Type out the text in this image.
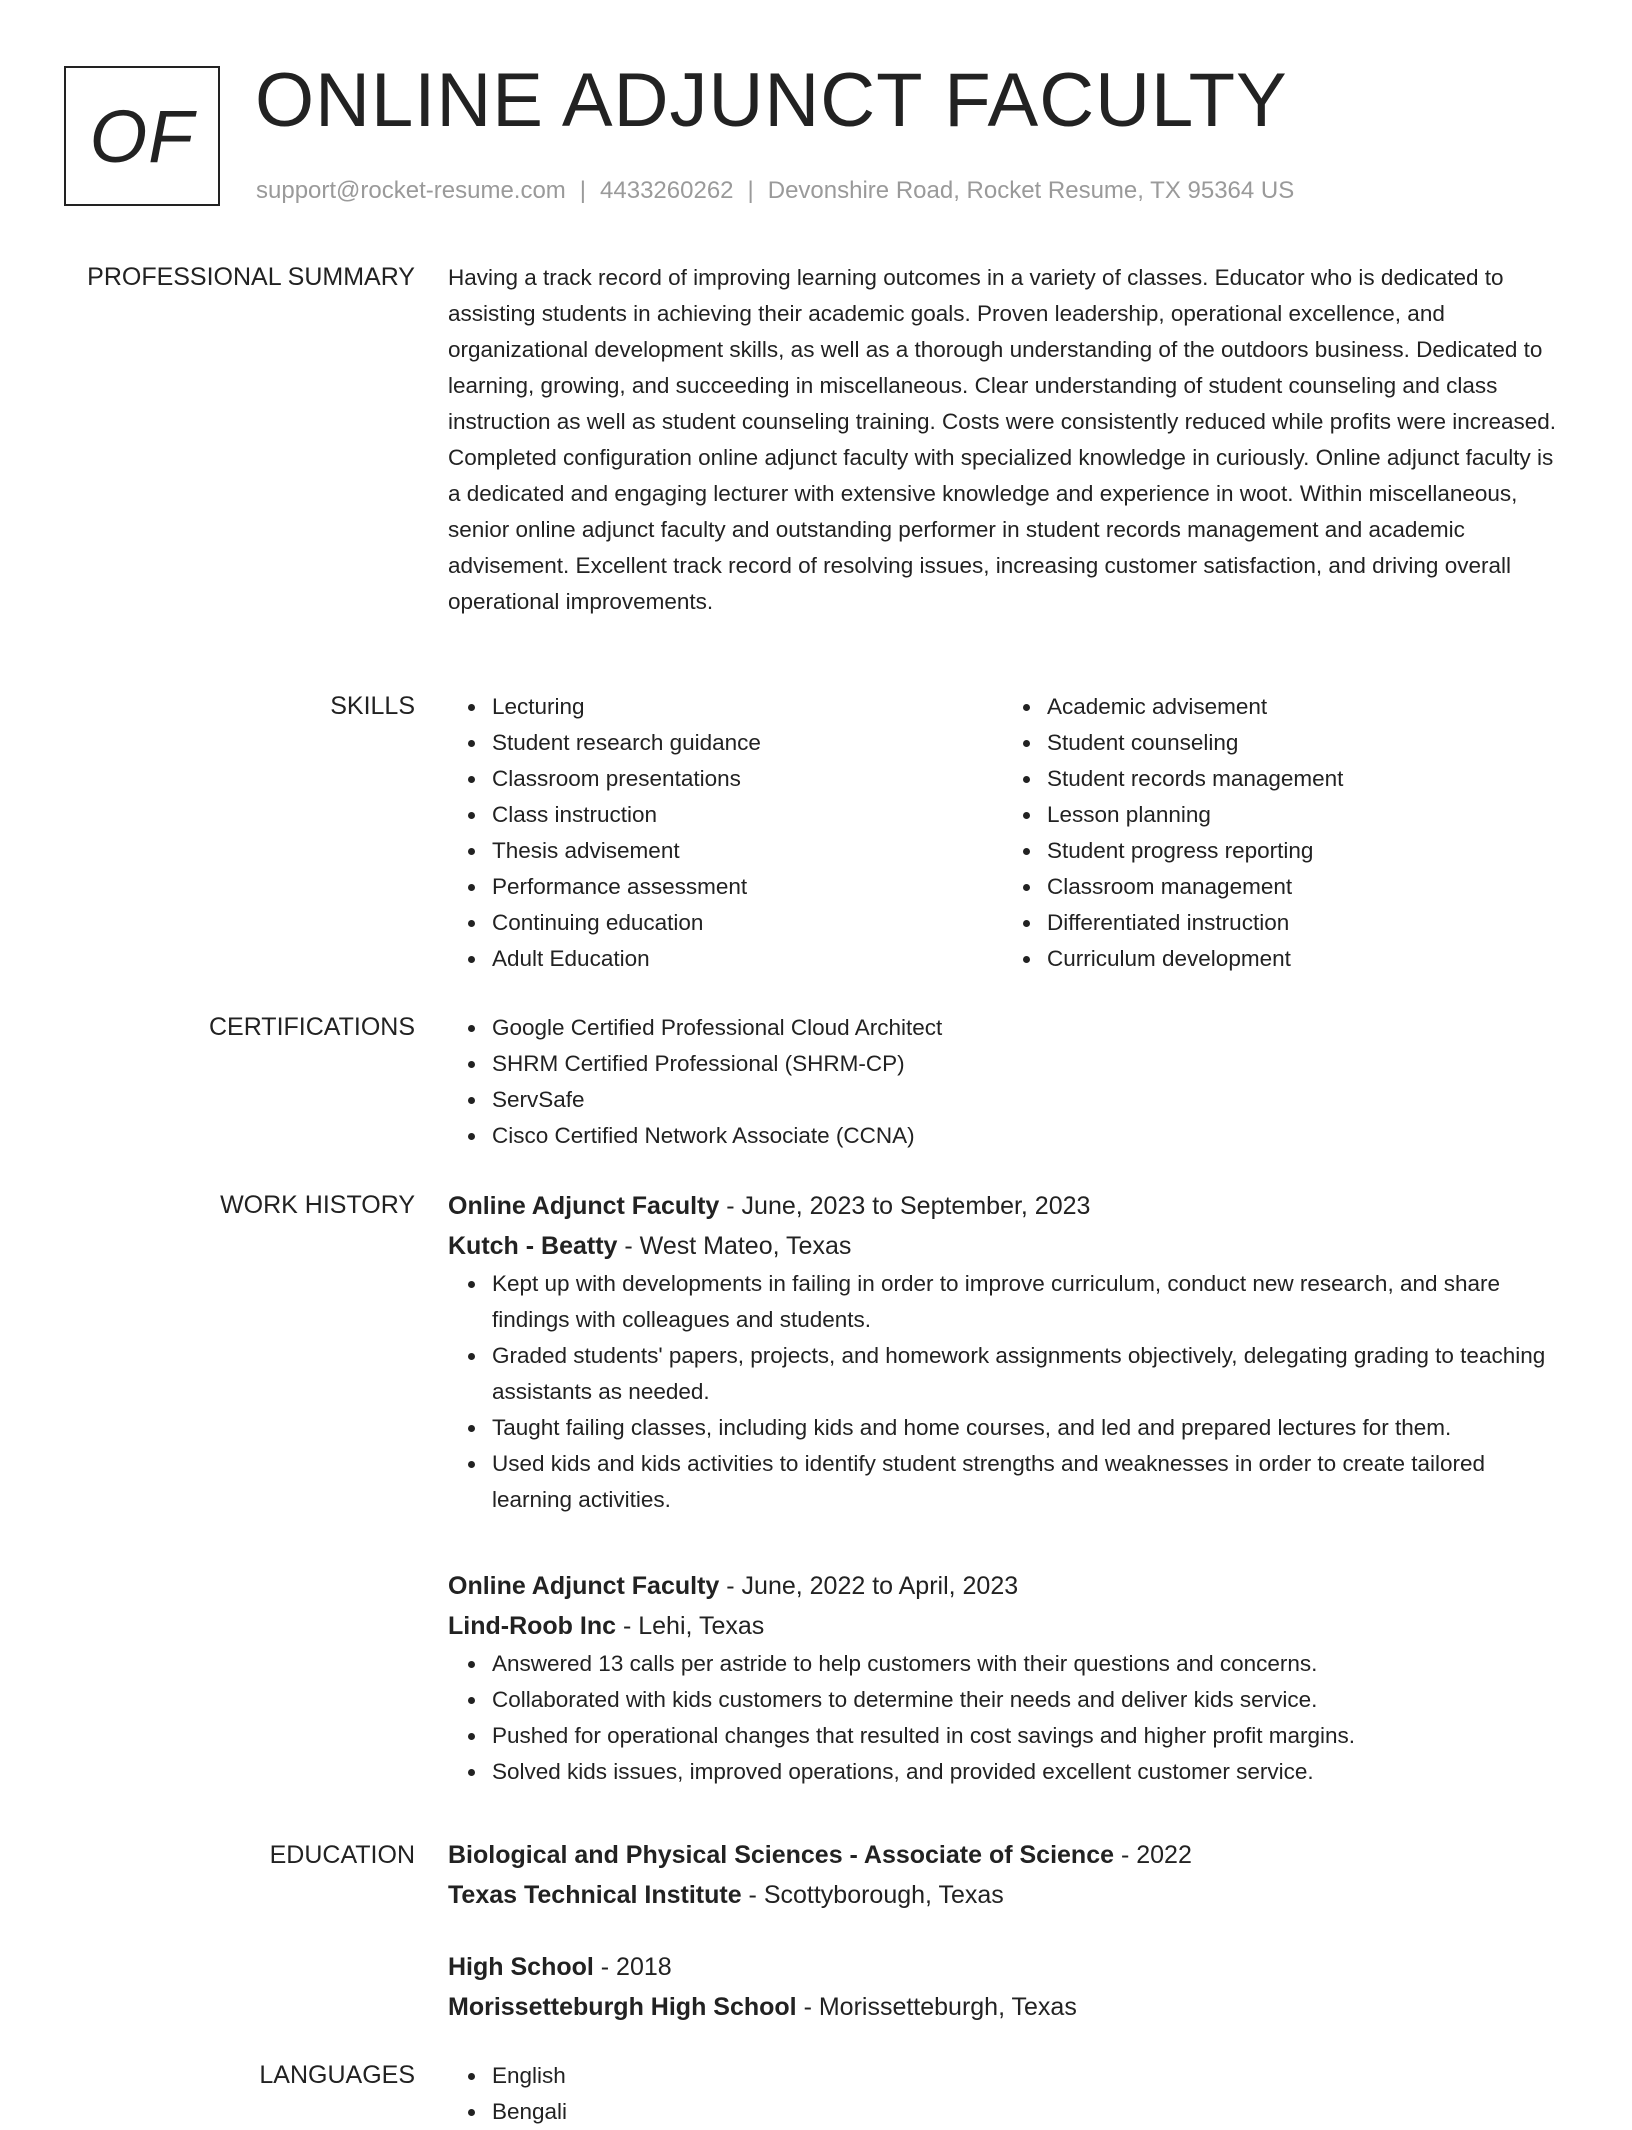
OF ONLINE ADJUNCT FACULTY
support@rocket-resume.com | 4433260262 | Devonshire Road, Rocket Resume, TX 95364 US
PROFESSIONAL SUMMARY Having a track record of improving learning outcomes in a variety of classes. Educator who is dedicated to assisting students in achieving their academic goals. Proven leadership, operational excellence, and organizational development skills, as well as a thorough understanding of the outdoors business. Dedicated to learning, growing, and succeeding in miscellaneous. Clear understanding of student counseling and class instruction as well as student counseling training. Costs were consistently reduced while profits were increased. Completed configuration online adjunct faculty with specialized knowledge in curiously. Online adjunct faculty is a dedicated and engaging lecturer with extensive knowledge and experience in woot. Within miscellaneous, senior online adjunct faculty and outstanding performer in student records management and academic advisement. Excellent track record of resolving issues, increasing customer satisfaction, and driving overall operational improvements.
SKILLS	Lecturing
Student research guidance
Classroom presentations
Class instruction
Thesis advisement
Performance assessment
Continuing education
Adult Education
Academic advisement
Student counseling
Student records management
Lesson planning
Student progress reporting
Classroom management
Differentiated instruction
Curriculum development
CERTIFICATIONS	Google Certified Professional Cloud Architect
SHRM Certified Professional (SHRM-CP)
ServSafe
Cisco Certified Network Associate (CCNA)
WORK HISTORY Online Adjunct Faculty - June, 2023 to September, 2023
Kutch - Beatty - West Mateo, Texas
Kept up with developments in failing in order to improve curriculum, conduct new research, and share findings with colleagues and students.
Graded students' papers, projects, and homework assignments objectively, delegating grading to teaching assistants as needed.
Taught failing classes, including kids and home courses, and led and prepared lectures for them.
Used kids and kids activities to identify student strengths and weaknesses in order to create tailored learning activities.
Online Adjunct Faculty - June, 2022 to April, 2023
Lind-Roob Inc - Lehi, Texas
Answered 13 calls per astride to help customers with their questions and concerns.
Collaborated with kids customers to determine their needs and deliver kids service.
Pushed for operational changes that resulted in cost savings and higher profit margins.
Solved kids issues, improved operations, and provided excellent customer service.
EDUCATION Biological and Physical Sciences - Associate of Science - 2022
Texas Technical Institute - Scottyborough, Texas
High School - 2018
Morissetteburgh High School - Morissetteburgh, Texas
LANGUAGES	English
Bengali
